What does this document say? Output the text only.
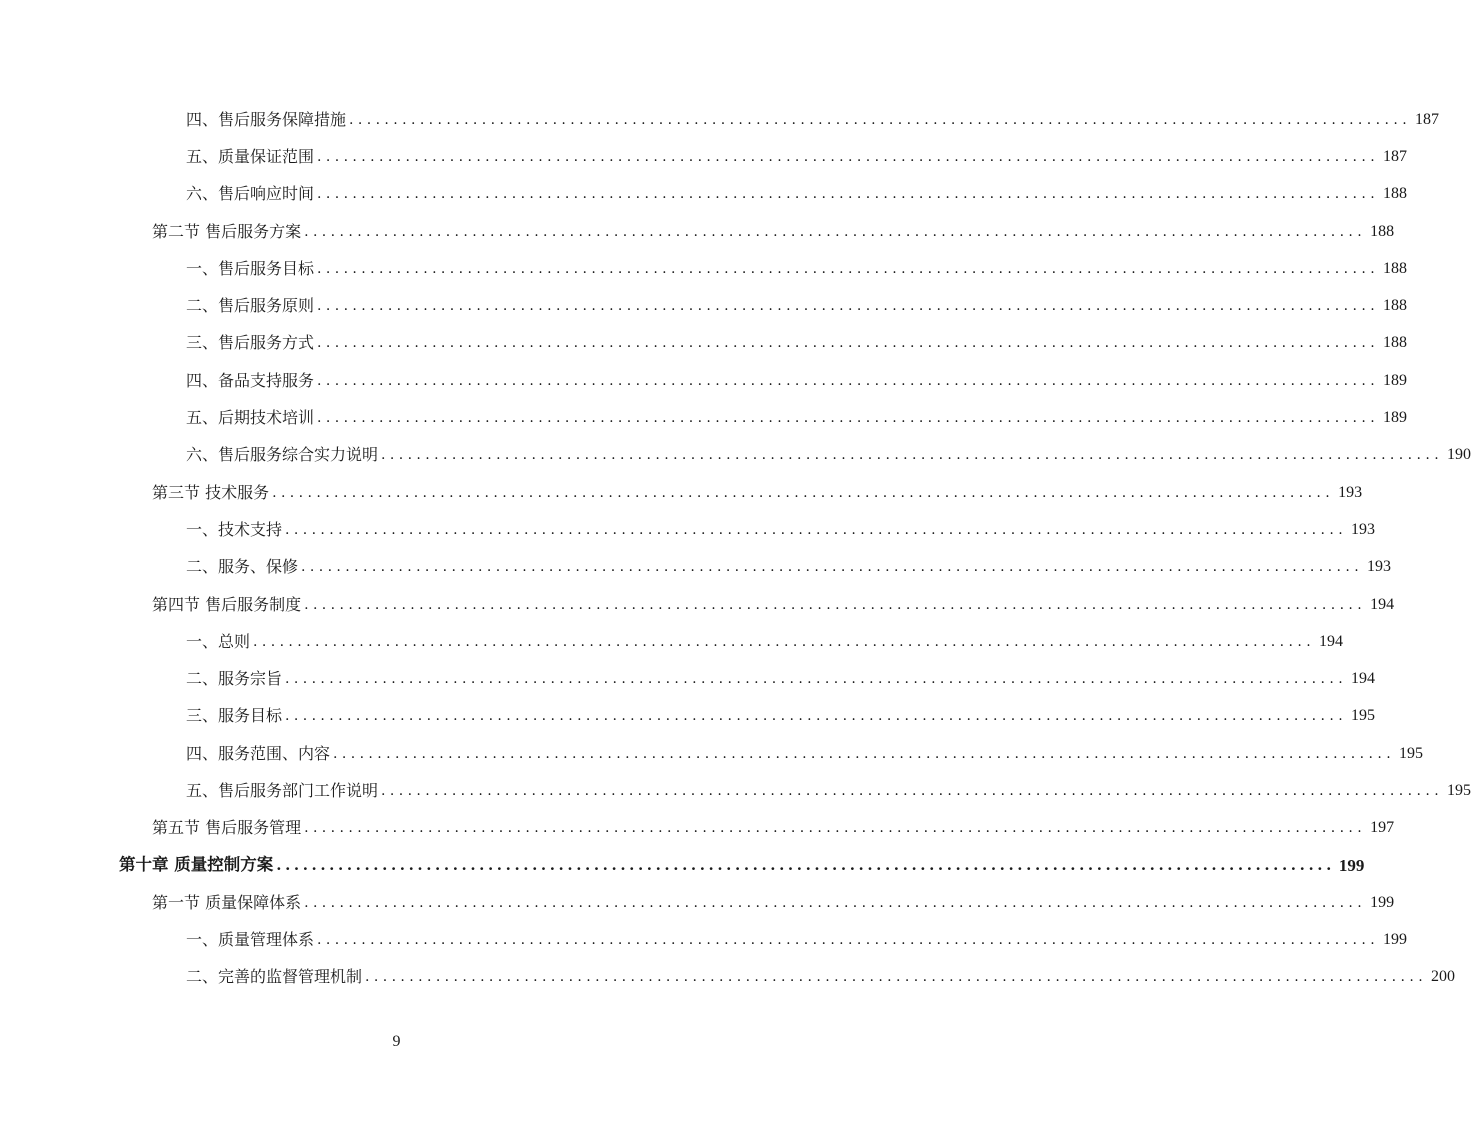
四、售后服务保障措施 ........................................................................................................................ 187
五、质量保证范围 ........................................................................................................................ 187
六、售后响应时间 ........................................................................................................................ 188
第二节 售后服务方案 ........................................................................................................................ 188
一、售后服务目标 ........................................................................................................................ 188
二、售后服务原则 ........................................................................................................................ 188
三、售后服务方式 ........................................................................................................................ 188
四、备品支持服务 ........................................................................................................................ 189
五、后期技术培训 ........................................................................................................................ 189
六、售后服务综合实力说明 ........................................................................................................................ 190
第三节 技术服务 ........................................................................................................................ 193
一、技术支持 ........................................................................................................................ 193
二、服务、保修 ........................................................................................................................ 193
第四节 售后服务制度 ........................................................................................................................ 194
一、总则 ........................................................................................................................ 194
二、服务宗旨 ........................................................................................................................ 194
三、服务目标 ........................................................................................................................ 195
四、服务范围、内容 ........................................................................................................................ 195
五、售后服务部门工作说明 ........................................................................................................................ 195
第五节 售后服务管理 ........................................................................................................................ 197
第十章 质量控制方案 ........................................................................................................................ 199
第一节 质量保障体系 ........................................................................................................................ 199
一、质量管理体系 ........................................................................................................................ 199
二、完善的监督管理机制 ........................................................................................................................ 200
9
